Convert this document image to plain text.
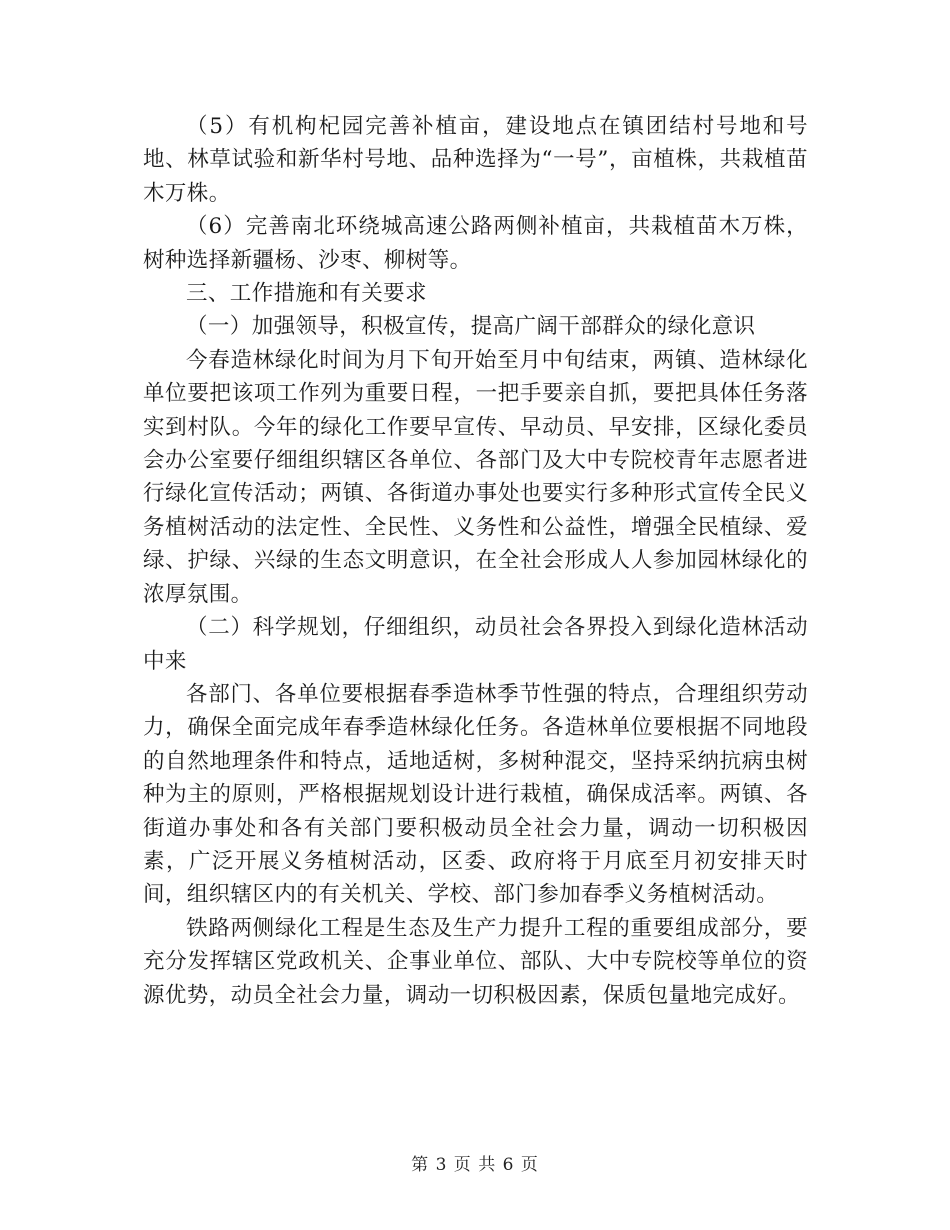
（5）有机枸杞园完善补植亩，建设地点在镇团结村号地和号地、林草试验和新华村号地、品种选择为“一号”，亩植株，共栽植苗木万株。

（6）完善南北环绕城高速公路两侧补植亩，共栽植苗木万株，树种选择新疆杨、沙枣、柳树等。

三、工作措施和有关要求

（一）加强领导，积极宣传，提高广阔干部群众的绿化意识

今春造林绿化时间为月下旬开始至月中旬结束，两镇、造林绿化单位要把该项工作列为重要日程，一把手要亲自抓，要把具体任务落实到村队。今年的绿化工作要早宣传、早动员、早安排，区绿化委员会办公室要仔细组织辖区各单位、各部门及大中专院校青年志愿者进行绿化宣传活动；两镇、各街道办事处也要实行多种形式宣传全民义务植树活动的法定性、全民性、义务性和公益性，增强全民植绿、爱绿、护绿、兴绿的生态文明意识，在全社会形成人人参加园林绿化的浓厚氛围。

（二）科学规划，仔细组织，动员社会各界投入到绿化造林活动中来

各部门、各单位要根据春季造林季节性强的特点，合理组织劳动力，确保全面完成年春季造林绿化任务。各造林单位要根据不同地段的自然地理条件和特点，适地适树，多树种混交，坚持采纳抗病虫树种为主的原则，严格根据规划设计进行栽植，确保成活率。两镇、各街道办事处和各有关部门要积极动员全社会力量，调动一切积极因素，广泛开展义务植树活动，区委、政府将于月底至月初安排天时间，组织辖区内的有关机关、学校、部门参加春季义务植树活动。

铁路两侧绿化工程是生态及生产力提升工程的重要组成部分，要充分发挥辖区党政机关、企事业单位、部队、大中专院校等单位的资源优势，动员全社会力量，调动一切积极因素，保质包量地完成好。

第 3 页 共 6 页
